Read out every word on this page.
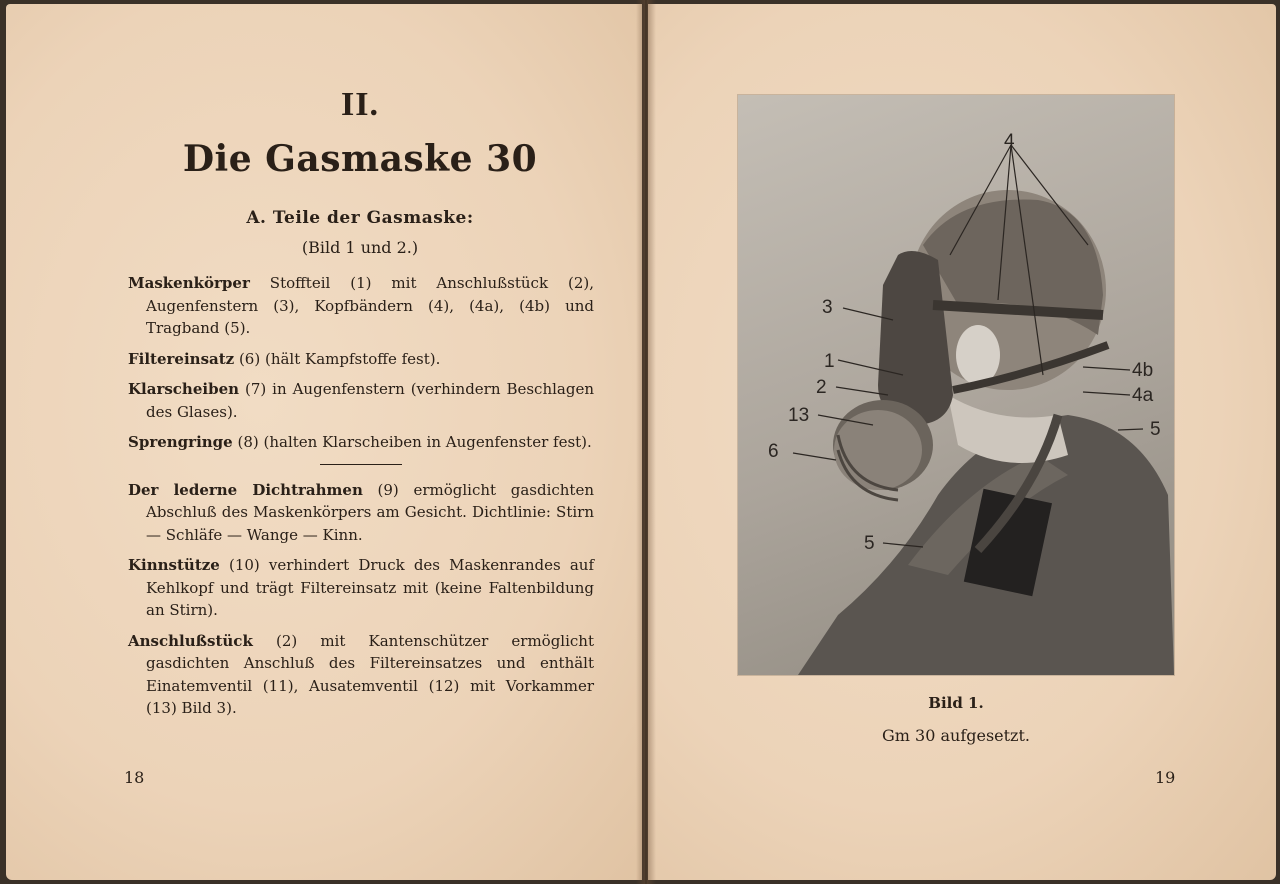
II.
Die Gasmaske 30
A. Teile der Gasmaske:
(Bild 1 und 2.)

Maskenkörper Stoffteil (1) mit Anschlußstück (2), Augenfenstern (3), Kopfbändern (4), (4a), (4b) und Tragband (5).

Filtereinsatz (6) (hält Kampfstoffe fest).

Klarscheiben (7) in Augenfenstern (verhindern Beschlagen des Glases).

Sprengringe (8) (halten Klarscheiben in Augenfenster fest).

Der lederne Dichtrahmen (9) ermöglicht gasdichten Abschluß des Maskenkörpers am Gesicht. Dichtlinie: Stirn — Schläfe — Wange — Kinn.

Kinnstütze (10) verhindert Druck des Maskenrandes auf Kehlkopf und trägt Filtereinsatz mit (keine Faltenbildung an Stirn).

Anschlußstück (2) mit Kantenschützer ermöglicht gasdichten Anschluß des Filtereinsatzes und enthält Einatemventil (11), Ausatemventil (12) mit Vorkammer (13) Bild 3).

18
4
3
1
2
13
6
5
4b
4a
5
Bild 1.
Gm 30 aufgesetzt.
19
